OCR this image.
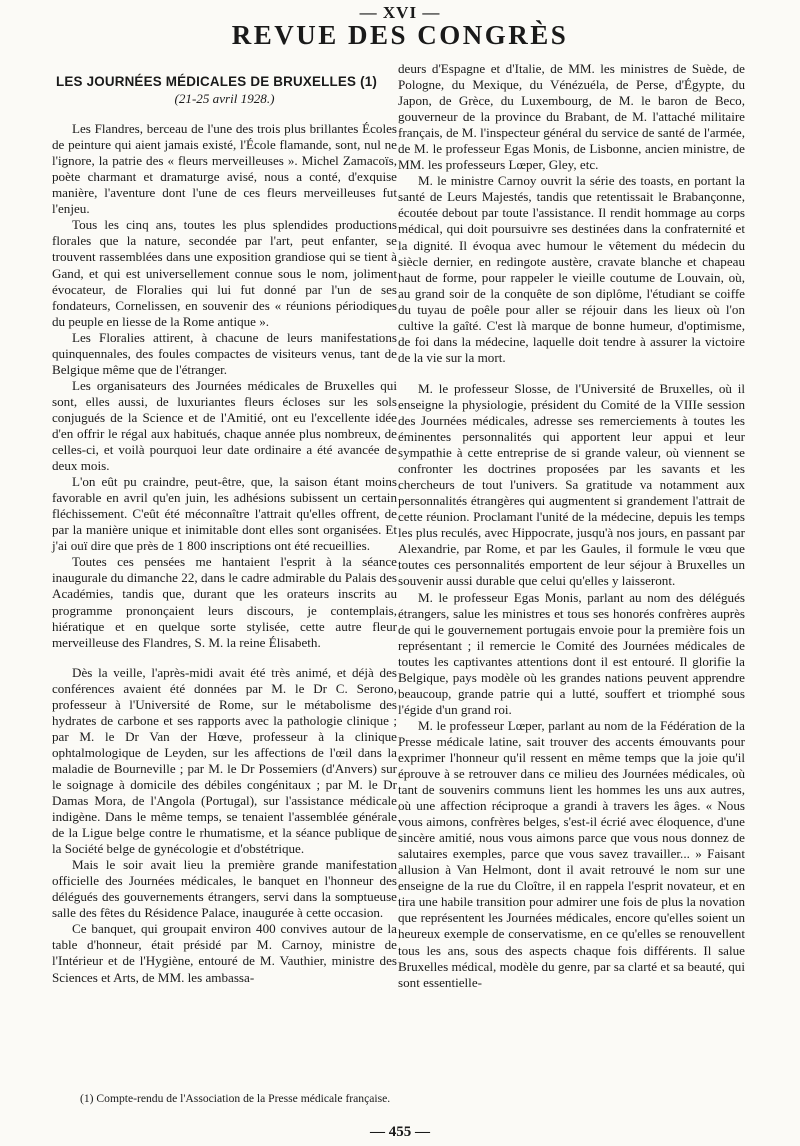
— XVI —
REVUE DES CONGRÈS
LES JOURNÉES MÉDICALES DE BRUXELLES (1)
(21-25 avril 1928.)

Les Flandres, berceau de l'une des trois plus brillantes Écoles de peinture qui aient jamais existé, l'École flamande, sont, nul ne l'ignore, la patrie des « fleurs merveilleuses ». Michel Zamacoïs, poète charmant et dramaturge avisé, nous a conté, d'exquise manière, l'aventure dont l'une de ces fleurs merveilleuses fut l'enjeu.

Tous les cinq ans, toutes les plus splendides productions florales que la nature, secondée par l'art, peut enfanter, se trouvent rassemblées dans une exposition grandiose qui se tient à Gand, et qui est universellement connue sous le nom, joliment évocateur, de Floralies qui lui fut donné par l'un de ses fondateurs, Cornelissen, en souvenir des « réunions périodiques du peuple en liesse de la Rome antique ».

Les Floralies attirent, à chacune de leurs manifestations quinquennales, des foules compactes de visiteurs venus, tant de Belgique même que de l'étranger.

Les organisateurs des Journées médicales de Bruxelles qui sont, elles aussi, de luxuriantes fleurs écloses sur les sols conjugués de la Science et de l'Amitié, ont eu l'excellente idée d'en offrir le régal aux habitués, chaque année plus nombreux, de celles-ci, et voilà pourquoi leur date ordinaire a été avancée de deux mois.

L'on eût pu craindre, peut-être, que, la saison étant moins favorable en avril qu'en juin, les adhésions subissent un certain fléchissement. C'eût été méconnaître l'attrait qu'elles offrent, de par la manière unique et inimitable dont elles sont organisées. Et j'ai ouï dire que près de 1 800 inscriptions ont été recueillies.

Toutes ces pensées me hantaient l'esprit à la séance inaugurale du dimanche 22, dans le cadre admirable du Palais des Académies, tandis que, durant que les orateurs inscrits au programme prononçaient leurs discours, je contemplais, hiératique et en quelque sorte stylisée, cette autre fleur merveilleuse des Flandres, S. M. la reine Élisabeth.

Dès la veille, l'après-midi avait été très animé, et déjà des conférences avaient été données par M. le Dr C. Serono, professeur à l'Université de Rome, sur le métabolisme des hydrates de carbone et ses rapports avec la pathologie clinique ; par M. le Dr Van der Hœve, professeur à la clinique ophtalmologique de Leyden, sur les affections de l'œil dans la maladie de Bourneville ; par M. le Dr Possemiers (d'Anvers) sur le soignage à domicile des débiles congénitaux ; par M. le Dr Damas Mora, de l'Angola (Portugal), sur l'assistance médicale indigène. Dans le même temps, se tenaient l'assemblée générale de la Ligue belge contre le rhumatisme, et la séance publique de la Société belge de gynécologie et d'obstétrique.

Mais le soir avait lieu la première grande manifestation officielle des Journées médicales, le banquet en l'honneur des délégués des gouvernements étrangers, servi dans la somptueuse salle des fêtes du Résidence Palace, inaugurée à cette occasion.

Ce banquet, qui groupait environ 400 convives autour de la table d'honneur, était présidé par M. Carnoy, ministre de l'Intérieur et de l'Hygiène, entouré de M. Vauthier, ministre des Sciences et Arts, de MM. les ambassa-

deurs d'Espagne et d'Italie, de MM. les ministres de Suède, de Pologne, du Mexique, du Vénézuéla, de Perse, d'Égypte, du Japon, de Grèce, du Luxembourg, de M. le baron de Beco, gouverneur de la province du Brabant, de M. l'attaché militaire français, de M. l'inspecteur général du service de santé de l'armée, de M. le professeur Egas Monis, de Lisbonne, ancien ministre, de MM. les professeurs Lœper, Gley, etc.

M. le ministre Carnoy ouvrit la série des toasts, en portant la santé de Leurs Majestés, tandis que retentissait le Brabançonne, écoutée debout par toute l'assistance. Il rendit hommage au corps médical, qui doit poursuivre ses destinées dans la confraternité et la dignité. Il évoqua avec humour le vêtement du médecin du siècle dernier, en redingote austère, cravate blanche et chapeau haut de forme, pour rappeler le vieille coutume de Louvain, où, au grand soir de la conquête de son diplôme, l'étudiant se coiffe du tuyau de poêle pour aller se réjouir dans les lieux où l'on cultive la gaîté. C'est là marque de bonne humeur, d'optimisme, de foi dans la médecine, laquelle doit tendre à assurer la victoire de la vie sur la mort.

M. le professeur Slosse, de l'Université de Bruxelles, où il enseigne la physiologie, président du Comité de la VIIIe session des Journées médicales, adresse ses remerciements à toutes les éminentes personnalités qui apportent leur appui et leur sympathie à cette entreprise de si grande valeur, où viennent se confronter les doctrines proposées par les savants et les chercheurs de tout l'univers. Sa gratitude va notamment aux personnalités étrangères qui augmentent si grandement l'attrait de cette réunion. Proclamant l'unité de la médecine, depuis les temps les plus reculés, avec Hippocrate, jusqu'à nos jours, en passant par Alexandrie, par Rome, et par les Gaules, il formule le vœu que toutes ces personnalités emportent de leur séjour à Bruxelles un souvenir aussi durable que celui qu'elles y laisseront.

M. le professeur Egas Monis, parlant au nom des délégués étrangers, salue les ministres et tous ses honorés confrères auprès de qui le gouvernement portugais envoie pour la première fois un représentant ; il remercie le Comité des Journées médicales de toutes les captivantes attentions dont il est entouré. Il glorifie la Belgique, pays modèle où les grandes nations peuvent apprendre beaucoup, grande patrie qui a lutté, souffert et triomphé sous l'égide d'un grand roi.

M. le professeur Lœper, parlant au nom de la Fédération de la Presse médicale latine, sait trouver des accents émouvants pour exprimer l'honneur qu'il ressent en même temps que la joie qu'il éprouve à se retrouver dans ce milieu des Journées médicales, où tant de souvenirs communs lient les hommes les uns aux autres, où une affection réciproque a grandi à travers les âges. « Nous vous aimons, confrères belges, s'est-il écrié avec éloquence, d'une sincère amitié, nous vous aimons parce que vous nous donnez de salutaires exemples, parce que vous savez travailler... » Faisant allusion à Van Helmont, dont il avait retrouvé le nom sur une enseigne de la rue du Cloître, il en rappela l'esprit novateur, et en tira une habile transition pour admirer une fois de plus la novation que représentent les Journées médicales, encore qu'elles soient un heureux exemple de conservatisme, en ce qu'elles se renouvellent tous les ans, sous des aspects chaque fois différents. Il salue Bruxelles médical, modèle du genre, par sa clarté et sa beauté, qui sont essentielle-

(1) Compte-rendu de l'Association de la Presse médicale française.
— 455 —
